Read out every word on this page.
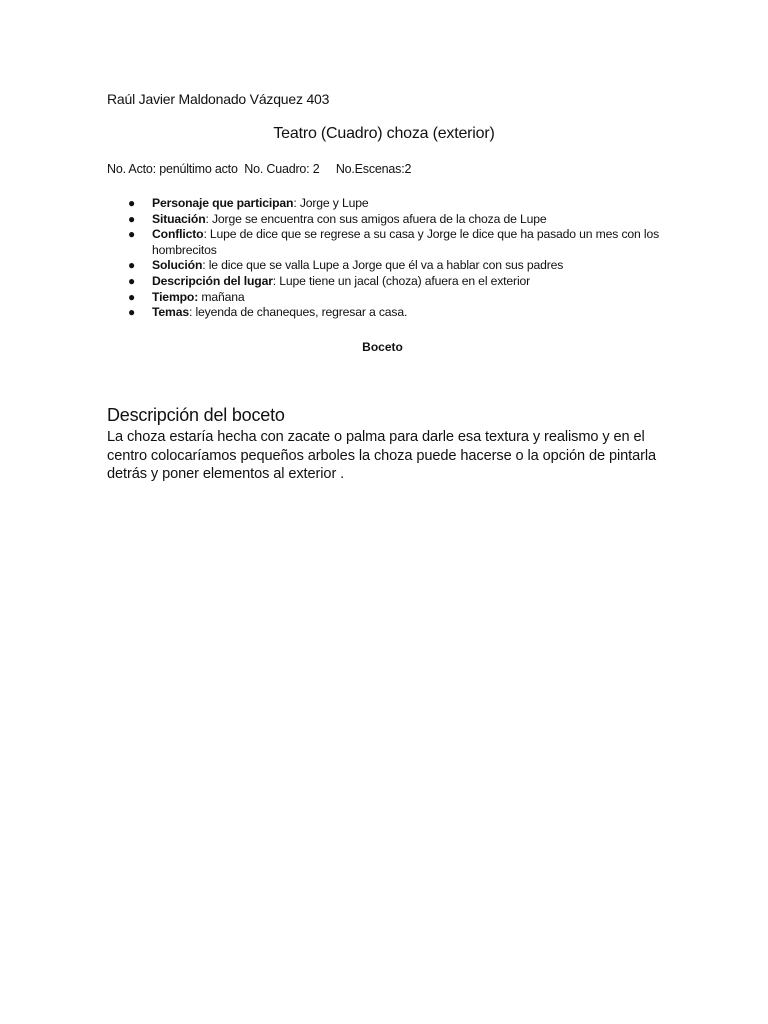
Raúl Javier Maldonado Vázquez 403
Teatro (Cuadro) choza (exterior)
No. Acto: penúltimo acto  No. Cuadro: 2     No.Escenas:2
● Personaje que participan: Jorge y Lupe
● Situación: Jorge se encuentra con sus amigos afuera de la choza de Lupe
● Conflicto: Lupe de dice que se regrese a su casa y Jorge le dice que ha pasado un mes con los hombrecitos
● Solución: le dice que se valla Lupe a Jorge que él va a hablar con sus padres
● Descripción del lugar: Lupe tiene un jacal (choza) afuera en el exterior
● Tiempo: mañana
● Temas: leyenda de chaneques, regresar a casa.
Boceto
Descripción del boceto
La choza estaría hecha con zacate o palma para darle esa textura y realismo y en el centro colocaríamos pequeños arboles la choza puede hacerse o la opción de pintarla detrás y poner elementos al exterior .
